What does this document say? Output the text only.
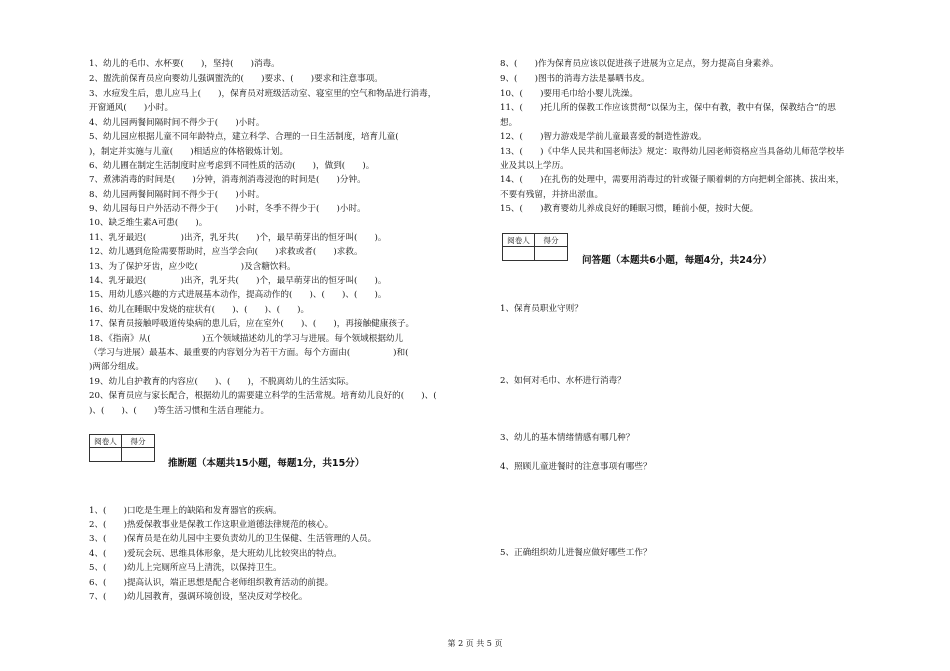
1、幼儿的毛巾、水杯要(　　)，坚持(　　)消毒。
2、盥洗前保育员应向婴幼儿强调盥洗的(　　)要求、(　　)要求和注意事项。
3、水痘发生后，患儿应马上(　　)，保育员对班级活动室、寝室里的空气和物品进行消毒，
开窗通风(　　)小时。
4、幼儿园两餐间隔时间不得少于(　　)小时。
5、幼儿园应根据儿童不同年龄特点，建立科学、合理的一日生活制度，培育儿童(　　
)，制定并实施与儿童(　　)相适应的体格锻炼计划。
6、幼儿圃在制定生活制度时应考虑到不同性质的活动(　　)，做到(　　)。
7、煮沸消毒的时间是(　　)分钟，消毒剂消毒浸泡的时间是(　　)分钟。
8、幼儿园两餐间隔时间不得少于(　　)小时。
9、幼儿园每日户外活动不得少于(　　)小时，冬季不得少于(　　)小时。
10、缺乏维生素A可患(　　)。
11、乳牙最迟(　　　　)出齐，乳牙共(　　)个，最早萌芽出的恒牙叫(　　)。
12、幼儿遇到危险需要帮助时，应当学会向(　　)求救或者(　　)求救。
13、为了保护牙齿，应少吃(　　　　　)及含糖饮料。
14、乳牙最迟(　　　　)出齐，乳牙共(　　)个，最早萌芽出的恒牙叫(　　)。
15、用幼儿感兴趣的方式进展基本动作，提高动作的(　　)、(　　)、(　　)。
16、幼儿在睡眠中发烧的症状有(　　)、(　　)、(　　)。
17、保育员接触呼吸道传染病的患儿后，应在室外(　　)、(　　)，再接触健康孩子。
18、《指南》从(　　　　　　)五个领域描述幼儿的学习与进展。每个领域根据幼儿
（学习与进展）最基本、最重要的内容划分为若干方面。每个方面由(　　　　　)和(
)两部分组成。
19、幼儿自护教育的内容应(　　)、(　　)，不脱离幼儿的生活实际。
20、保育员应与家长配合，根据幼儿的需要建立科学的生活常规。培育幼儿良好的(　　)、(
)、(　　)、(　　)等生活习惯和生活自理能力。
阅卷人	得分
推断题（本题共15小题，每题1分，共15分）
1、(　　)口吃是生理上的缺陷和发育器官的疾病。
2、(　　)热爱保教事业是保教工作这职业道德法律规范的核心。
3、(　　)保育员是在幼儿园中主要负责幼儿的卫生保健、生活管理的人员。
4、(　　)爱玩会玩、思维具体形象，是大班幼儿比较突出的特点。
5、(　　)幼儿上完厕所应马上清洗，以保持卫生。
6、(　　)提高认识，端正思想是配合老师组织教育活动的前提。
7、(　　)幼儿园教育，强调环境创设，坚决反对学校化。
8、(　　)作为保育员应该以促进孩子进展为立足点，努力提高自身素养。
9、(　　)图书的消毒方法是暴晒书皮。
10、(　　)要用毛巾给小婴儿洗澡。
11、(　　)托儿所的保教工作应该贯彻“以保为主，保中有教，教中有保，保教结合”的思
想。
12、(　　)智力游戏是学前儿童最喜爱的制造性游戏。
13、(　　)《中华人民共和国老师法》规定：取得幼儿园老师资格应当具备幼儿师范学校毕
业及其以上学历。
14、(　　)在扎伤的处理中，需要用消毒过的针或镊子顺着刺的方向把刺全部挑、拔出来，
不要有残留，并挤出淤血。
15、(　　)教育婴幼儿养成良好的睡眠习惯，睡前小便，按时大便。
阅卷人	得分
问答题（本题共6小题，每题4分，共24分）
1、保育员职业守则？
2、如何对毛巾、水杯进行消毒？
3、幼儿的基本情绪情感有哪几种？
4、照顾儿童进餐时的注意事项有哪些？
5、正确组织幼儿进餐应做好哪些工作？
第 2 页 共 5 页
